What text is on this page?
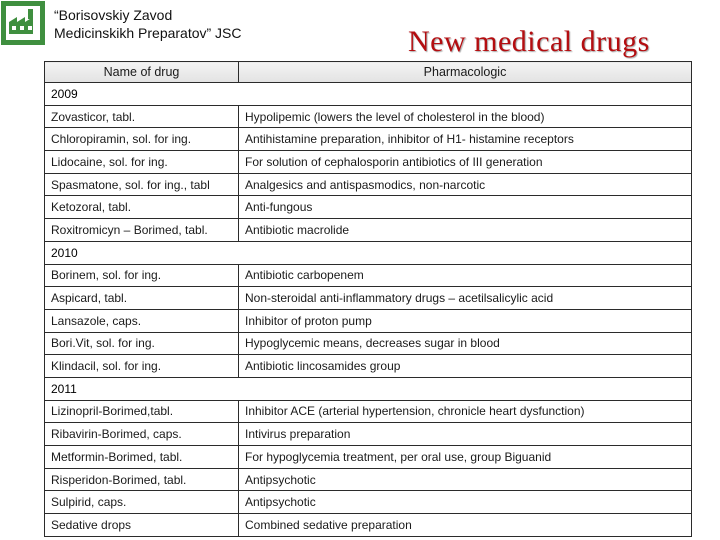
“Borisovskiy Zavod
Medicinskikh Preparatov” JSC	New medical drugs
Name of drug	Pharmacologic
2009	
Zovasticor, tabl.	Hypolipemic (lowers the level of cholesterol in the blood)
Chloropiramin, sol. for ing.	Antihistamine preparation, inhibitor of H1- histamine receptors
Lidocaine, sol. for ing.	For solution of cephalosporin antibiotics of III generation
Spasmatone, sol. for ing., tabl	Analgesics and antispasmodics, non-narcotic
Ketozoral, tabl.	Anti-fungous
Roxitromicyn – Borimed, tabl.	Antibiotic macrolide
2010	
Borinem, sol. for ing.	Antibiotic carbopenem
Aspicard, tabl.	Non-steroidal anti-inflammatory drugs – acetilsalicylic acid
Lansazole, caps.	Inhibitor of proton pump
Bori.Vit, sol. for ing.	Hypoglycemic means, decreases sugar in blood
Klindacil, sol. for ing.	Antibiotic lincosamides group
2011	
Lizinopril-Borimed,tabl.	Inhibitor ACE (arterial hypertension, chronicle heart dysfunction)
Ribavirin-Borimed, caps.	Intivirus preparation
Metformin-Borimed, tabl.	For hypoglycemia treatment, per oral use, group Biguanid
Risperidon-Borimed, tabl.	Antipsychotic
Sulpirid, caps.	Antipsychotic
Sedative drops	Combined sedative preparation
